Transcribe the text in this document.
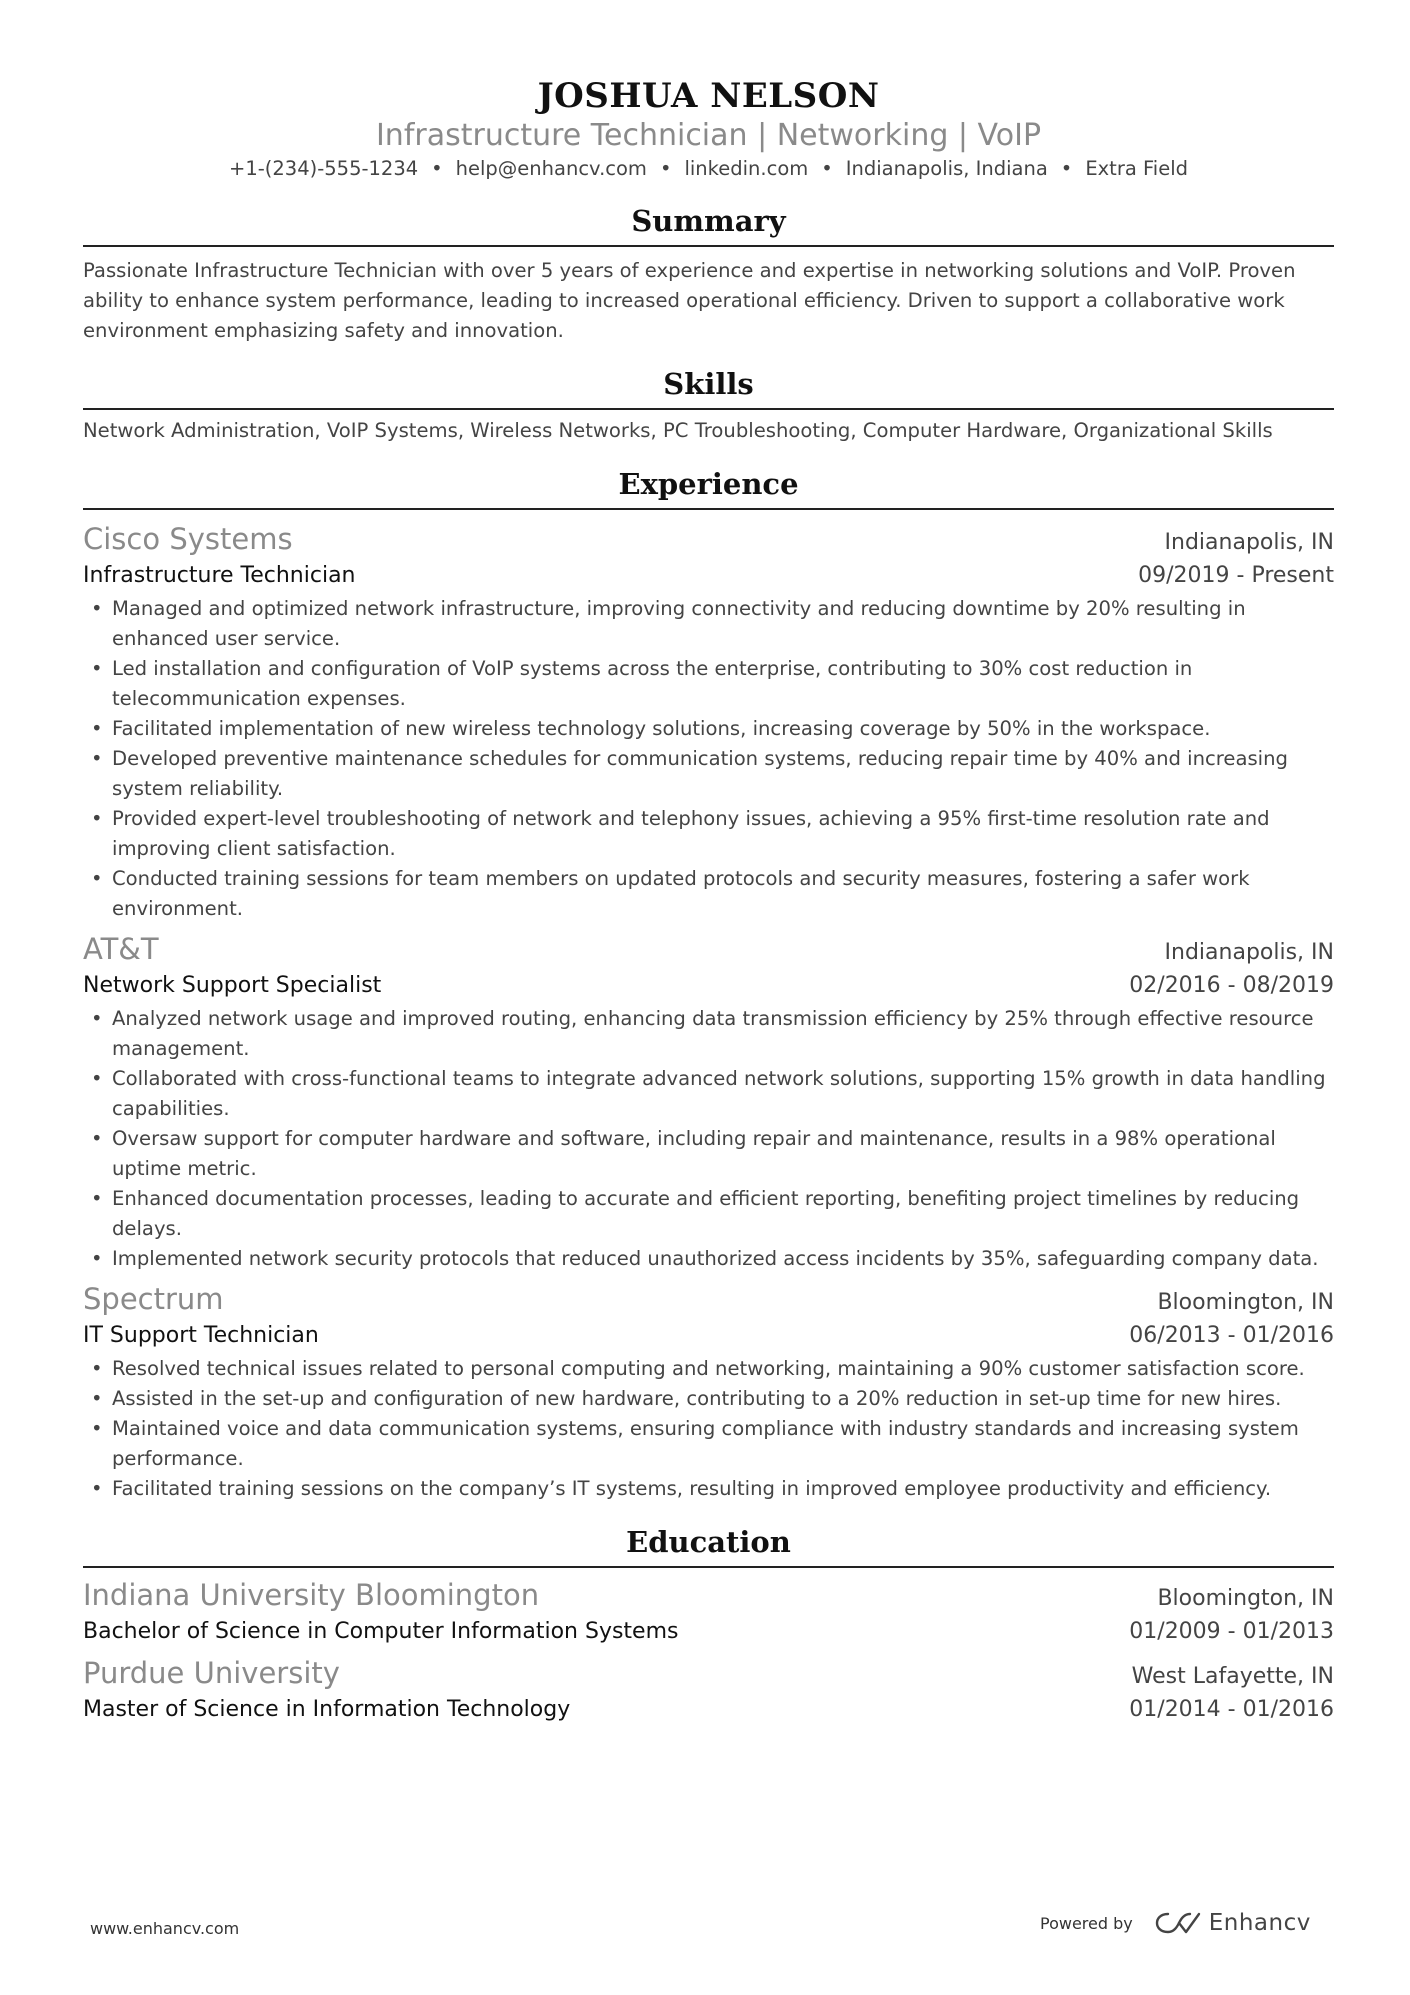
JOSHUA NELSON
Infrastructure Technician | Networking | VoIP
+1-(234)-555-1234 • help@enhancv.com • linkedin.com • Indianapolis, Indiana • Extra Field
Summary
Passionate Infrastructure Technician with over 5 years of experience and expertise in networking solutions and VoIP. Proven ability to enhance system performance, leading to increased operational efficiency. Driven to support a collaborative work environment emphasizing safety and innovation.
Skills
Network Administration, VoIP Systems, Wireless Networks, PC Troubleshooting, Computer Hardware, Organizational Skills
Experience
Cisco Systems	Indianapolis, IN
Infrastructure Technician	09/2019 - Present
• Managed and optimized network infrastructure, improving connectivity and reducing downtime by 20% resulting in enhanced user service.
• Led installation and configuration of VoIP systems across the enterprise, contributing to 30% cost reduction in telecommunication expenses.
• Facilitated implementation of new wireless technology solutions, increasing coverage by 50% in the workspace.
• Developed preventive maintenance schedules for communication systems, reducing repair time by 40% and increasing system reliability.
• Provided expert-level troubleshooting of network and telephony issues, achieving a 95% first-time resolution rate and improving client satisfaction.
• Conducted training sessions for team members on updated protocols and security measures, fostering a safer work environment.
AT&T	Indianapolis, IN
Network Support Specialist	02/2016 - 08/2019
• Analyzed network usage and improved routing, enhancing data transmission efficiency by 25% through effective resource management.
• Collaborated with cross-functional teams to integrate advanced network solutions, supporting 15% growth in data handling capabilities.
• Oversaw support for computer hardware and software, including repair and maintenance, results in a 98% operational uptime metric.
• Enhanced documentation processes, leading to accurate and efficient reporting, benefiting project timelines by reducing delays.
• Implemented network security protocols that reduced unauthorized access incidents by 35%, safeguarding company data.
Spectrum	Bloomington, IN
IT Support Technician	06/2013 - 01/2016
• Resolved technical issues related to personal computing and networking, maintaining a 90% customer satisfaction score.
• Assisted in the set-up and configuration of new hardware, contributing to a 20% reduction in set-up time for new hires.
• Maintained voice and data communication systems, ensuring compliance with industry standards and increasing system performance.
• Facilitated training sessions on the company’s IT systems, resulting in improved employee productivity and efficiency.
Education
Indiana University Bloomington	Bloomington, IN
Bachelor of Science in Computer Information Systems	01/2009 - 01/2013
Purdue University	West Lafayette, IN
Master of Science in Information Technology	01/2014 - 01/2016
www.enhancv.com	Powered by	Enhancv
